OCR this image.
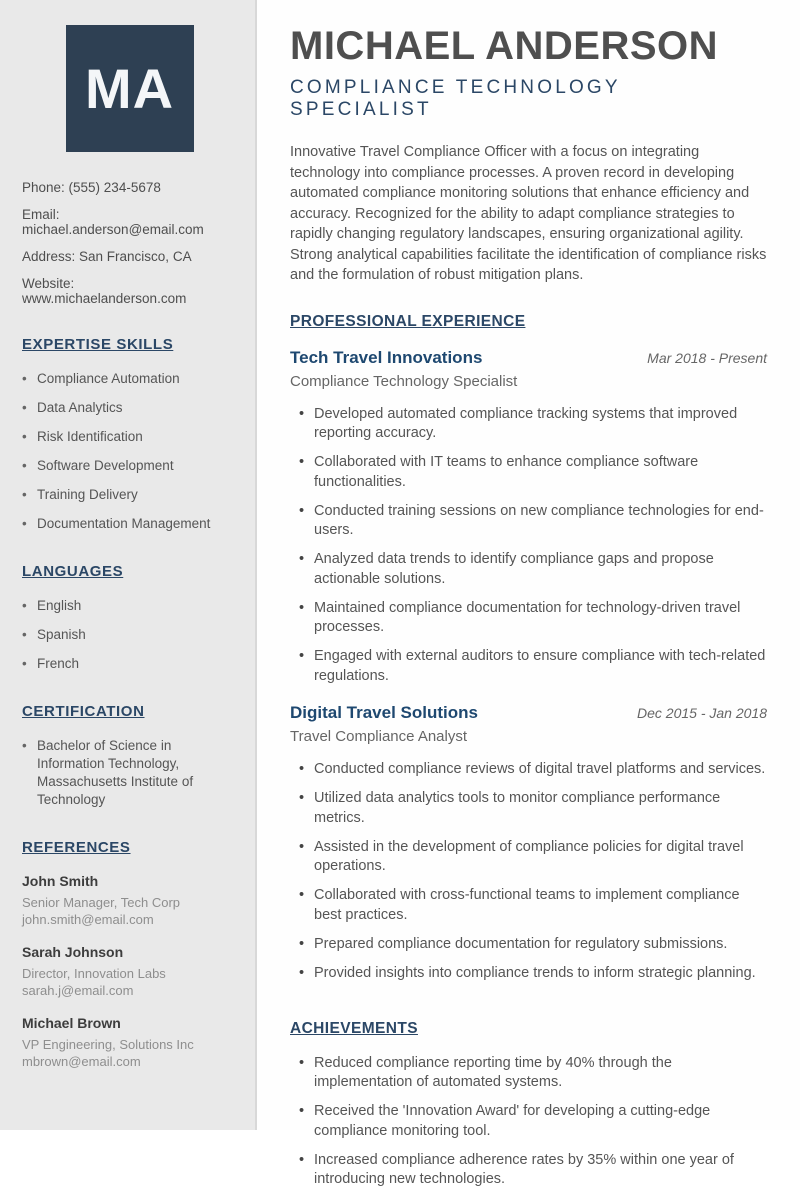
MA
Phone: (555) 234-5678
Email: michael.anderson@email.com
Address: San Francisco, CA
Website: www.michaelanderson.com
EXPERTISE SKILLS
• Compliance Automation
• Data Analytics
• Risk Identification
• Software Development
• Training Delivery
• Documentation Management
LANGUAGES
• English
• Spanish
• French
CERTIFICATION
• Bachelor of Science in Information Technology, Massachusetts Institute of Technology
REFERENCES
John Smith
Senior Manager, Tech Corp
john.smith@email.com
Sarah Johnson
Director, Innovation Labs
sarah.j@email.com
Michael Brown
VP Engineering, Solutions Inc
mbrown@email.com
MICHAEL ANDERSON
COMPLIANCE TECHNOLOGY SPECIALIST

Innovative Travel Compliance Officer with a focus on integrating technology into compliance processes. A proven record in developing automated compliance monitoring solutions that enhance efficiency and accuracy. Recognized for the ability to adapt compliance strategies to rapidly changing regulatory landscapes, ensuring organizational agility. Strong analytical capabilities facilitate the identification of compliance risks and the formulation of robust mitigation plans.

PROFESSIONAL EXPERIENCE
Tech Travel Innovations	Mar 2018 - Present
Compliance Technology Specialist
• Developed automated compliance tracking systems that improved reporting accuracy.
• Collaborated with IT teams to enhance compliance software functionalities.
• Conducted training sessions on new compliance technologies for end-users.
• Analyzed data trends to identify compliance gaps and propose actionable solutions.
• Maintained compliance documentation for technology-driven travel processes.
• Engaged with external auditors to ensure compliance with tech-related regulations.
Digital Travel Solutions	Dec 2015 - Jan 2018
Travel Compliance Analyst
• Conducted compliance reviews of digital travel platforms and services.
• Utilized data analytics tools to monitor compliance performance metrics.
• Assisted in the development of compliance policies for digital travel operations.
• Collaborated with cross-functional teams to implement compliance best practices.
• Prepared compliance documentation for regulatory submissions.
• Provided insights into compliance trends to inform strategic planning.
ACHIEVEMENTS
• Reduced compliance reporting time by 40% through the implementation of automated systems.
• Received the 'Innovation Award' for developing a cutting-edge compliance monitoring tool.
• Increased compliance adherence rates by 35% within one year of introducing new technologies.
